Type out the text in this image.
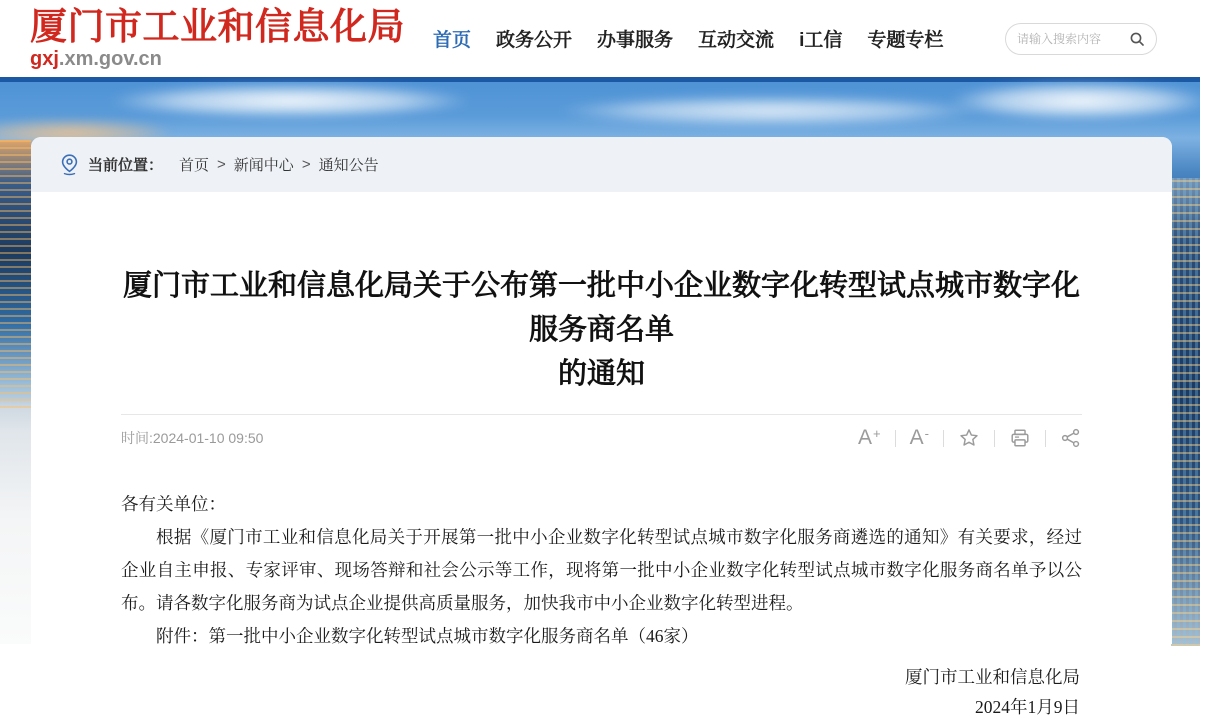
厦门市工业和信息化局
gxj.xm.gov.cn
首页 政务公开 办事服务 互动交流 i工信 专题专栏
请输入搜索内容
当前位置： 首页 > 新闻中心 > 通知公告
厦门市工业和信息化局关于公布第一批中小企业数字化转型试点城市数字化服务商名单
的通知
时间:2024-01-10 09:50	A+ A-

各有关单位：

根据《厦门市工业和信息化局关于开展第一批中小企业数字化转型试点城市数字化服务商遴选的通知》有关要求，经过企业自主申报、专家评审、现场答辩和社会公示等工作，现将第一批中小企业数字化转型试点城市数字化服务商名单予以公布。请各数字化服务商为试点企业提供高质量服务，加快我市中小企业数字化转型进程。

附件：第一批中小企业数字化转型试点城市数字化服务商名单（46家）

厦门市工业和信息化局
2024年1月9日
